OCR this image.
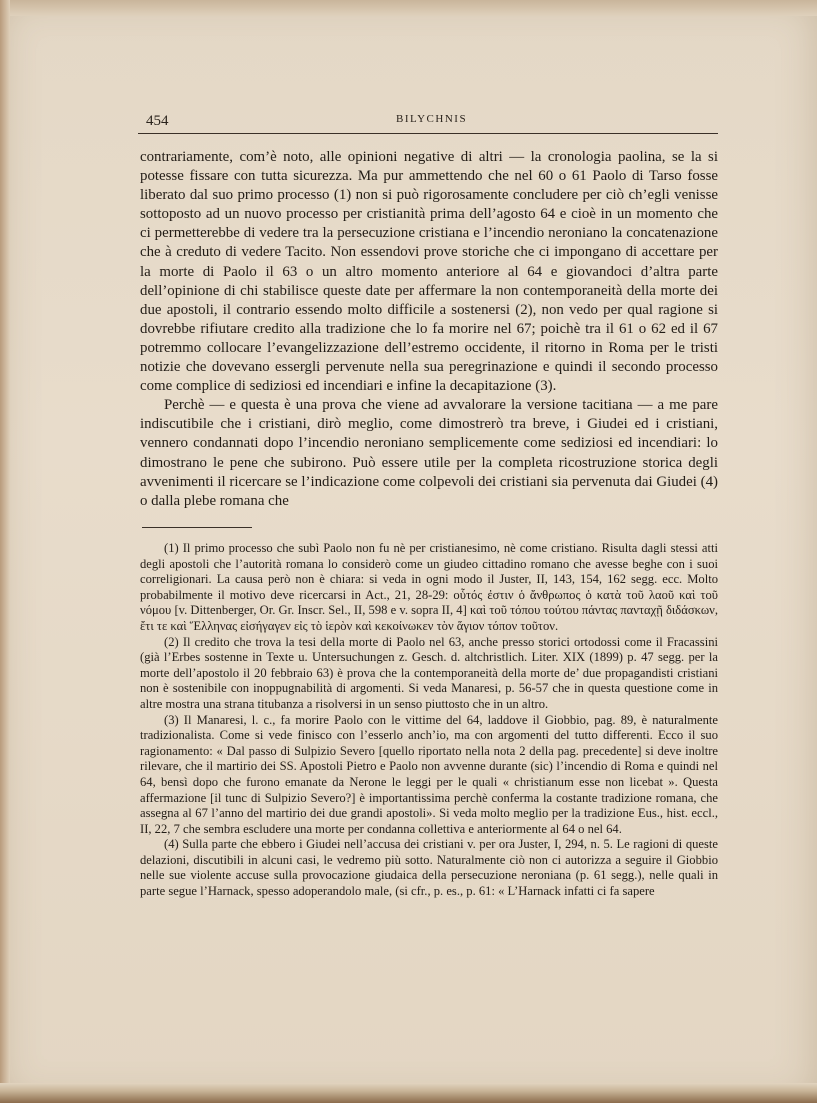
454	BILYCHNIS

contrariamente, com’è noto, alle opinioni negative di altri — la cronologia paolina, se la si potesse fissare con tutta sicurezza. Ma pur ammettendo che nel 60 o 61 Paolo di Tarso fosse liberato dal suo primo processo (1) non si può rigorosamente concludere per ciò ch’egli venisse sottoposto ad un nuovo processo per cristianità prima dell’agosto 64 e cioè in un momento che ci permetterebbe di vedere tra la persecuzione cristiana e l’incendio neroniano la concatenazione che à creduto di vedere Tacito. Non essendovi prove storiche che ci impongano di accettare per la morte di Paolo il 63 o un altro momento anteriore al 64 e giovandoci d’altra parte dell’opinione di chi stabilisce queste date per affermare la non contemporaneità della morte dei due apostoli, il contrario essendo molto difficile a sostenersi (2), non vedo per qual ragione si dovrebbe rifiutare credito alla tradizione che lo fa morire nel 67; poichè tra il 61 o 62 ed il 67 potremmo collocare l’evangelizzazione dell’estremo occidente, il ritorno in Roma per le tristi notizie che dovevano essergli pervenute nella sua peregrinazione e quindi il secondo processo come complice di sediziosi ed incendiari e infine la decapitazione (3).

Perchè — e questa è una prova che viene ad avvalorare la versione tacitiana — a me pare indiscutibile che i cristiani, dirò meglio, come dimostrerò tra breve, i Giudei ed i cristiani, vennero condannati dopo l’incendio neroniano semplicemente come sediziosi ed incendiari: lo dimostrano le pene che subirono. Può essere utile per la completa ricostruzione storica degli avvenimenti il ricercare se l’indicazione come colpevoli dei cristiani sia pervenuta dai Giudei (4) o dalla plebe romana che

(1) Il primo processo che subì Paolo non fu nè per cristianesimo, nè come cristiano. Risulta dagli stessi atti degli apostoli che l’autorità romana lo considerò come un giudeo cittadino romano che avesse beghe con i suoi correligionari. La causa però non è chiara: si veda in ogni modo il Juster, II, 143, 154, 162 segg. ecc. Molto probabilmente il motivo deve ricercarsi in Act., 21, 28-29: οὗτός ἐστιν ὁ ἄνθρωπος ὁ κατὰ τοῦ λαοῦ καὶ τοῦ νόμου [v. Dittenberger, Or. Gr. Inscr. Sel., II, 598 e v. sopra II, 4] καὶ τοῦ τόπου τούτου πάντας πανταχῇ διδάσκων, ἔτι τε καὶ Ἕλληνας εἰσήγαγεν εἰς τὸ ἱερὸν καὶ κεκοίνωκεν τὸν ἅγιον τόπον τοῦτον.

(2) Il credito che trova la tesi della morte di Paolo nel 63, anche presso storici ortodossi come il Fracassini (già l’Erbes sostenne in Texte u. Untersuchungen z. Gesch. d. altchristlich. Liter. XIX (1899) p. 47 segg. per la morte dell’apostolo il 20 febbraio 63) è prova che la contemporaneità della morte de’ due propagandisti cristiani non è sostenibile con inoppugnabilità di argomenti. Si veda Manaresi, p. 56-57 che in questa questione come in altre mostra una strana titubanza a risolversi in un senso piuttosto che in un altro.

(3) Il Manaresi, l. c., fa morire Paolo con le vittime del 64, laddove il Giobbio, pag. 89, è naturalmente tradizionalista. Come si vede finisco con l’esserlo anch’io, ma con argomenti del tutto differenti. Ecco il suo ragionamento: « Dal passo di Sulpizio Severo [quello riportato nella nota 2 della pag. precedente] si deve inoltre rilevare, che il martirio dei SS. Apostoli Pietro e Paolo non avvenne durante (sic) l’incendio di Roma e quindi nel 64, bensì dopo che furono emanate da Nerone le leggi per le quali « christianum esse non licebat ». Questa affermazione [il tunc di Sulpizio Severo?] è importantissima perchè conferma la costante tradizione romana, che assegna al 67 l’anno del martirio dei due grandi apostoli». Si veda molto meglio per la tradizione Eus., hist. eccl., II, 22, 7 che sembra escludere una morte per condanna collettiva e anteriormente al 64 o nel 64.

(4) Sulla parte che ebbero i Giudei nell’accusa dei cristiani v. per ora Juster, I, 294, n. 5. Le ragioni di queste delazioni, discutibili in alcuni casi, le vedremo più sotto. Naturalmente ciò non ci autorizza a seguire il Giobbio nelle sue violente accuse sulla provocazione giudaica della persecuzione neroniana (p. 61 segg.), nelle quali in parte segue l’Harnack, spesso adoperandolo male, (si cfr., p. es., p. 61: « L’Harnack infatti ci fa sapere
